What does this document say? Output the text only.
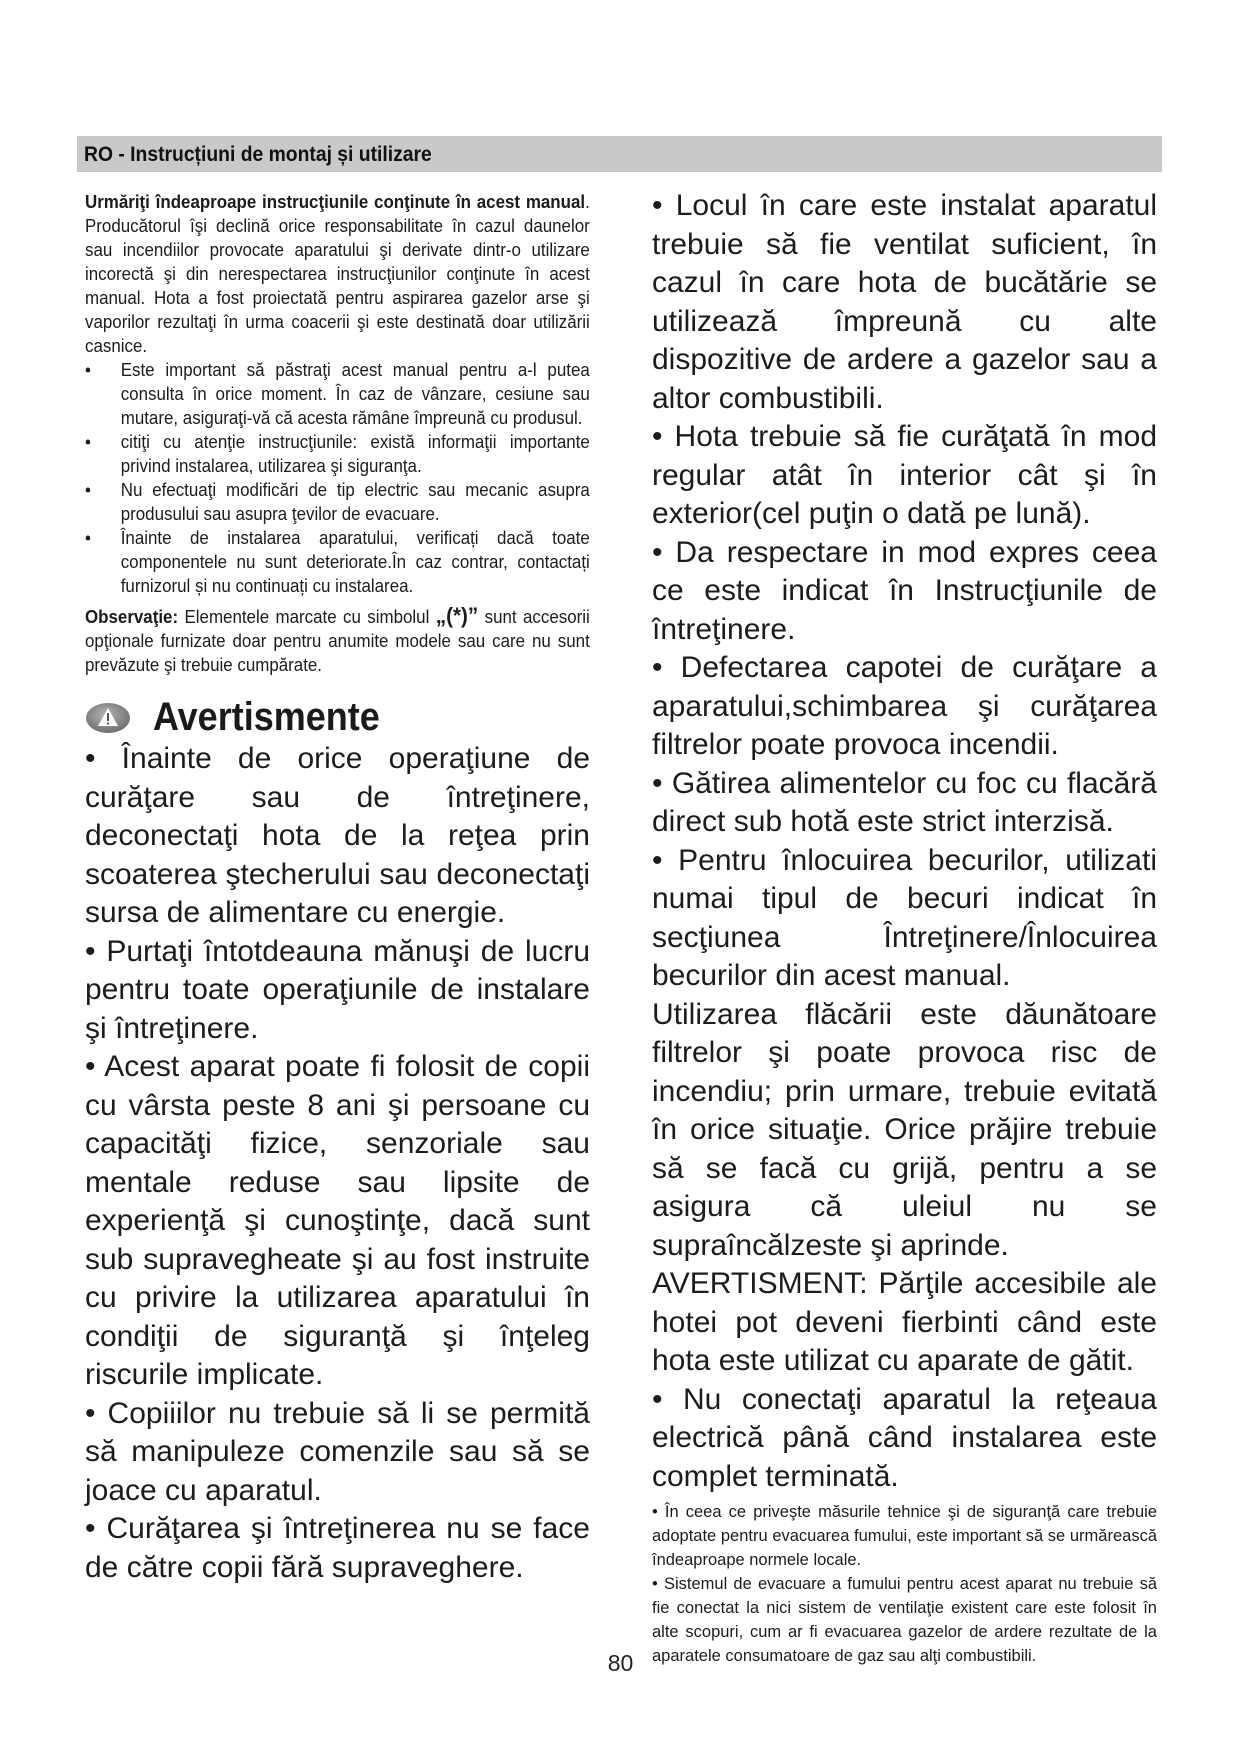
RO - Instrucțiuni de montaj și utilizare

Urmăriţi îndeaproape instrucţiunile conţinute în acest manual. Producătorul îşi declină orice responsabilitate în cazul daunelor sau incendiilor provocate aparatului şi derivate dintr-o utilizare incorectă şi din nerespectarea instrucţiunilor conţinute în acest manual. Hota a fost proiectată pentru aspirarea gazelor arse şi vaporilor rezultaţi în urma coacerii şi este destinată doar utilizării casnice.

• Este important să păstraţi acest manual pentru a-l putea consulta în orice moment. În caz de vânzare, cesiune sau mutare, asiguraţi-vă că acesta rămâne împreună cu produsul.
• citiţi cu atenţie instrucţiunile: există informaţii importante privind instalarea, utilizarea şi siguranţa.
• Nu efectuaţi modificări de tip electric sau mecanic asupra produsului sau asupra ţevilor de evacuare.
• Înainte de instalarea aparatului, verificați dacă toate componentele nu sunt deteriorate.În caz contrar, contactați furnizorul și nu continuați cu instalarea.

Observaţie: Elementele marcate cu simbolul „(*)” sunt accesorii opţionale furnizate doar pentru anumite modele sau care nu sunt prevăzute şi trebuie cumpărate.

Avertismente

• Înainte de orice operaţiune de curăţare sau de întreţinere, deconectaţi hota de la reţea prin scoaterea ştecherului sau deconectaţi sursa de alimentare cu energie.

• Purtaţi întotdeauna mănuşi de lucru pentru toate operaţiunile de instalare şi întreţinere.

• Acest aparat poate fi folosit de copii cu vârsta peste 8 ani şi persoane cu capacităţi fizice, senzoriale sau mentale reduse sau lipsite de experienţă şi cunoştinţe, dacă sunt sub supravegheate şi au fost instruite cu privire la utilizarea aparatului în condiţii de siguranţă şi înţeleg riscurile implicate.

• Copiiilor nu trebuie să li se permită să manipuleze comenzile sau să se joace cu aparatul.

• Curăţarea şi întreţinerea nu se face de către copii fără supraveghere.

• Locul în care este instalat aparatul trebuie să fie ventilat suficient, în cazul în care hota de bucătărie se utilizează împreună cu alte dispozitive de ardere a gazelor sau a altor combustibili.

• Hota trebuie să fie curăţată în mod regular atât în interior cât şi în exterior(cel puţin o dată pe lună).

• Da respectare in mod expres ceea ce este indicat în Instrucţiunile de întreţinere.

• Defectarea capotei de curăţare a aparatului,schimbarea şi curăţarea filtrelor poate provoca incendii.

• Gătirea alimentelor cu foc cu flacără direct sub hotă este strict interzisă.

• Pentru înlocuirea becurilor, utilizati numai tipul de becuri indicat în secţiunea Întreţinere/Înlocuirea becurilor din acest manual.

Utilizarea flăcării este dăunătoare filtrelor şi poate provoca risc de incendiu; prin urmare, trebuie evitată în orice situaţie. Orice prăjire trebuie să se facă cu grijă, pentru a se asigura că uleiul nu se supraîncălzeste şi aprinde.

AVERTISMENT: Părţile accesibile ale hotei pot deveni fierbinti când este hota este utilizat cu aparate de gătit.

• Nu conectaţi aparatul la reţeaua electrică până când instalarea este complet terminată.

• În ceea ce priveşte măsurile tehnice şi de siguranţă care trebuie adoptate pentru evacuarea fumului, este important să se urmărească îndeaproape normele locale.

• Sistemul de evacuare a fumului pentru acest aparat nu trebuie să fie conectat la nici sistem de ventilaţie existent care este folosit în alte scopuri, cum ar fi evacuarea gazelor de ardere rezultate de la aparatele consumatoare de gaz sau alţi combustibili.

80
